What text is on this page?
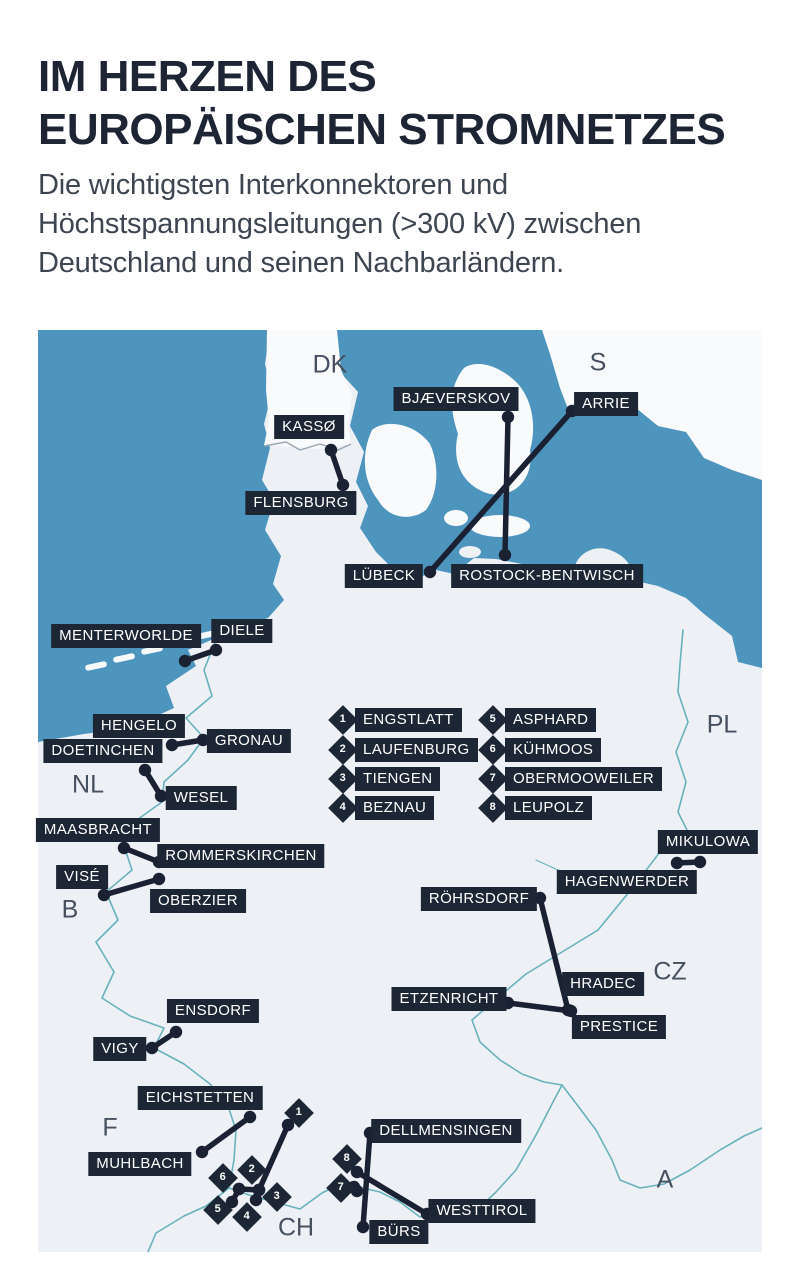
IM HERZEN DES
EUROPÄISCHEN STROMNETZES
Die wichtigsten Interkonnektoren und Höchstspannungsleitungen (>300 kV) zwischen Deutschland und seinen Nachbarländern.
DK	S
NL
B
PL
CZ
F
CH
A
KASSØ
BJÆVERSKOV	ARRIE
FLENSBURG
LÜBECK	ROSTOCK-BENTWISCH
MENTERWORLDE	DIELE
HENGELO
GRONAU
DOETINCHEN
WESEL
MAASBRACHT
ROMMERSKIRCHEN
VISÉ
OBERZIER
MIKULOWA
HAGENWERDER
RÖHRSDORF
HRADEC
ETZENRICHT
PRESTICE
ENSDORF
VIGY
EICHSTETTEN
MUHLBACH
DELLMENSINGEN
WESTTIROL
BÜRS
1
2
3
4
5
6
7
8
1	ENGSTLATT
2	LAUFENBURG
3	TIENGEN
4	BEZNAU
5	ASPHARD
6	KÜHMOOS
7	OBERMOOWEILER
8	LEUPOLZ
